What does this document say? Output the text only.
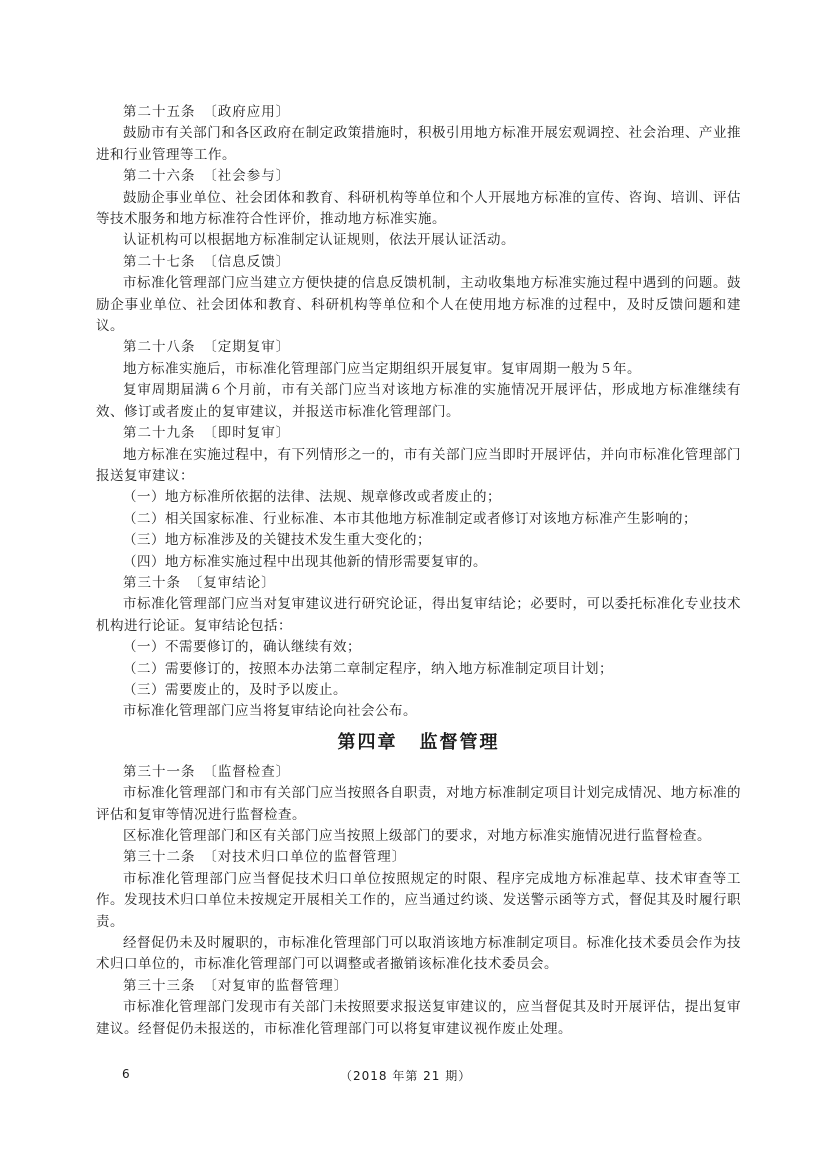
第二十五条　〔政府应用〕

鼓励市有关部门和各区政府在制定政策措施时，积极引用地方标准开展宏观调控、社会治理、产业推进和行业管理等工作。

第二十六条　〔社会参与〕

鼓励企事业单位、社会团体和教育、科研机构等单位和个人开展地方标准的宣传、咨询、培训、评估等技术服务和地方标准符合性评价，推动地方标准实施。

认证机构可以根据地方标准制定认证规则，依法开展认证活动。

第二十七条　〔信息反馈〕

市标准化管理部门应当建立方便快捷的信息反馈机制，主动收集地方标准实施过程中遇到的问题。鼓励企事业单位、社会团体和教育、科研机构等单位和个人在使用地方标准的过程中，及时反馈问题和建议。

第二十八条　〔定期复审〕

地方标准实施后，市标准化管理部门应当定期组织开展复审。复审周期一般为５年。

复审周期届满６个月前，市有关部门应当对该地方标准的实施情况开展评估，形成地方标准继续有效、修订或者废止的复审建议，并报送市标准化管理部门。

第二十九条　〔即时复审〕

地方标准在实施过程中，有下列情形之一的，市有关部门应当即时开展评估，并向市标准化管理部门报送复审建议：

（一）地方标准所依据的法律、法规、规章修改或者废止的；

（二）相关国家标准、行业标准、本市其他地方标准制定或者修订对该地方标准产生影响的；

（三）地方标准涉及的关键技术发生重大变化的；

（四）地方标准实施过程中出现其他新的情形需要复审的。

第三十条　〔复审结论〕

市标准化管理部门应当对复审建议进行研究论证，得出复审结论；必要时，可以委托标准化专业技术机构进行论证。复审结论包括：

（一）不需要修订的，确认继续有效；

（二）需要修订的，按照本办法第二章制定程序，纳入地方标准制定项目计划；

（三）需要废止的，及时予以废止。

市标准化管理部门应当将复审结论向社会公布。

第四章 监督管理

第三十一条　〔监督检查〕

市标准化管理部门和市有关部门应当按照各自职责，对地方标准制定项目计划完成情况、地方标准的评估和复审等情况进行监督检查。

区标准化管理部门和区有关部门应当按照上级部门的要求，对地方标准实施情况进行监督检查。

第三十二条　〔对技术归口单位的监督管理〕

市标准化管理部门应当督促技术归口单位按照规定的时限、程序完成地方标准起草、技术审查等工作。发现技术归口单位未按规定开展相关工作的，应当通过约谈、发送警示函等方式，督促其及时履行职责。

经督促仍未及时履职的，市标准化管理部门可以取消该地方标准制定项目。标准化技术委员会作为技术归口单位的，市标准化管理部门可以调整或者撤销该标准化技术委员会。

第三十三条　〔对复审的监督管理〕

市标准化管理部门发现市有关部门未按照要求报送复审建议的，应当督促其及时开展评估，提出复审建议。经督促仍未报送的，市标准化管理部门可以将复审建议视作废止处理。

6	（2018 年第 21 期）
